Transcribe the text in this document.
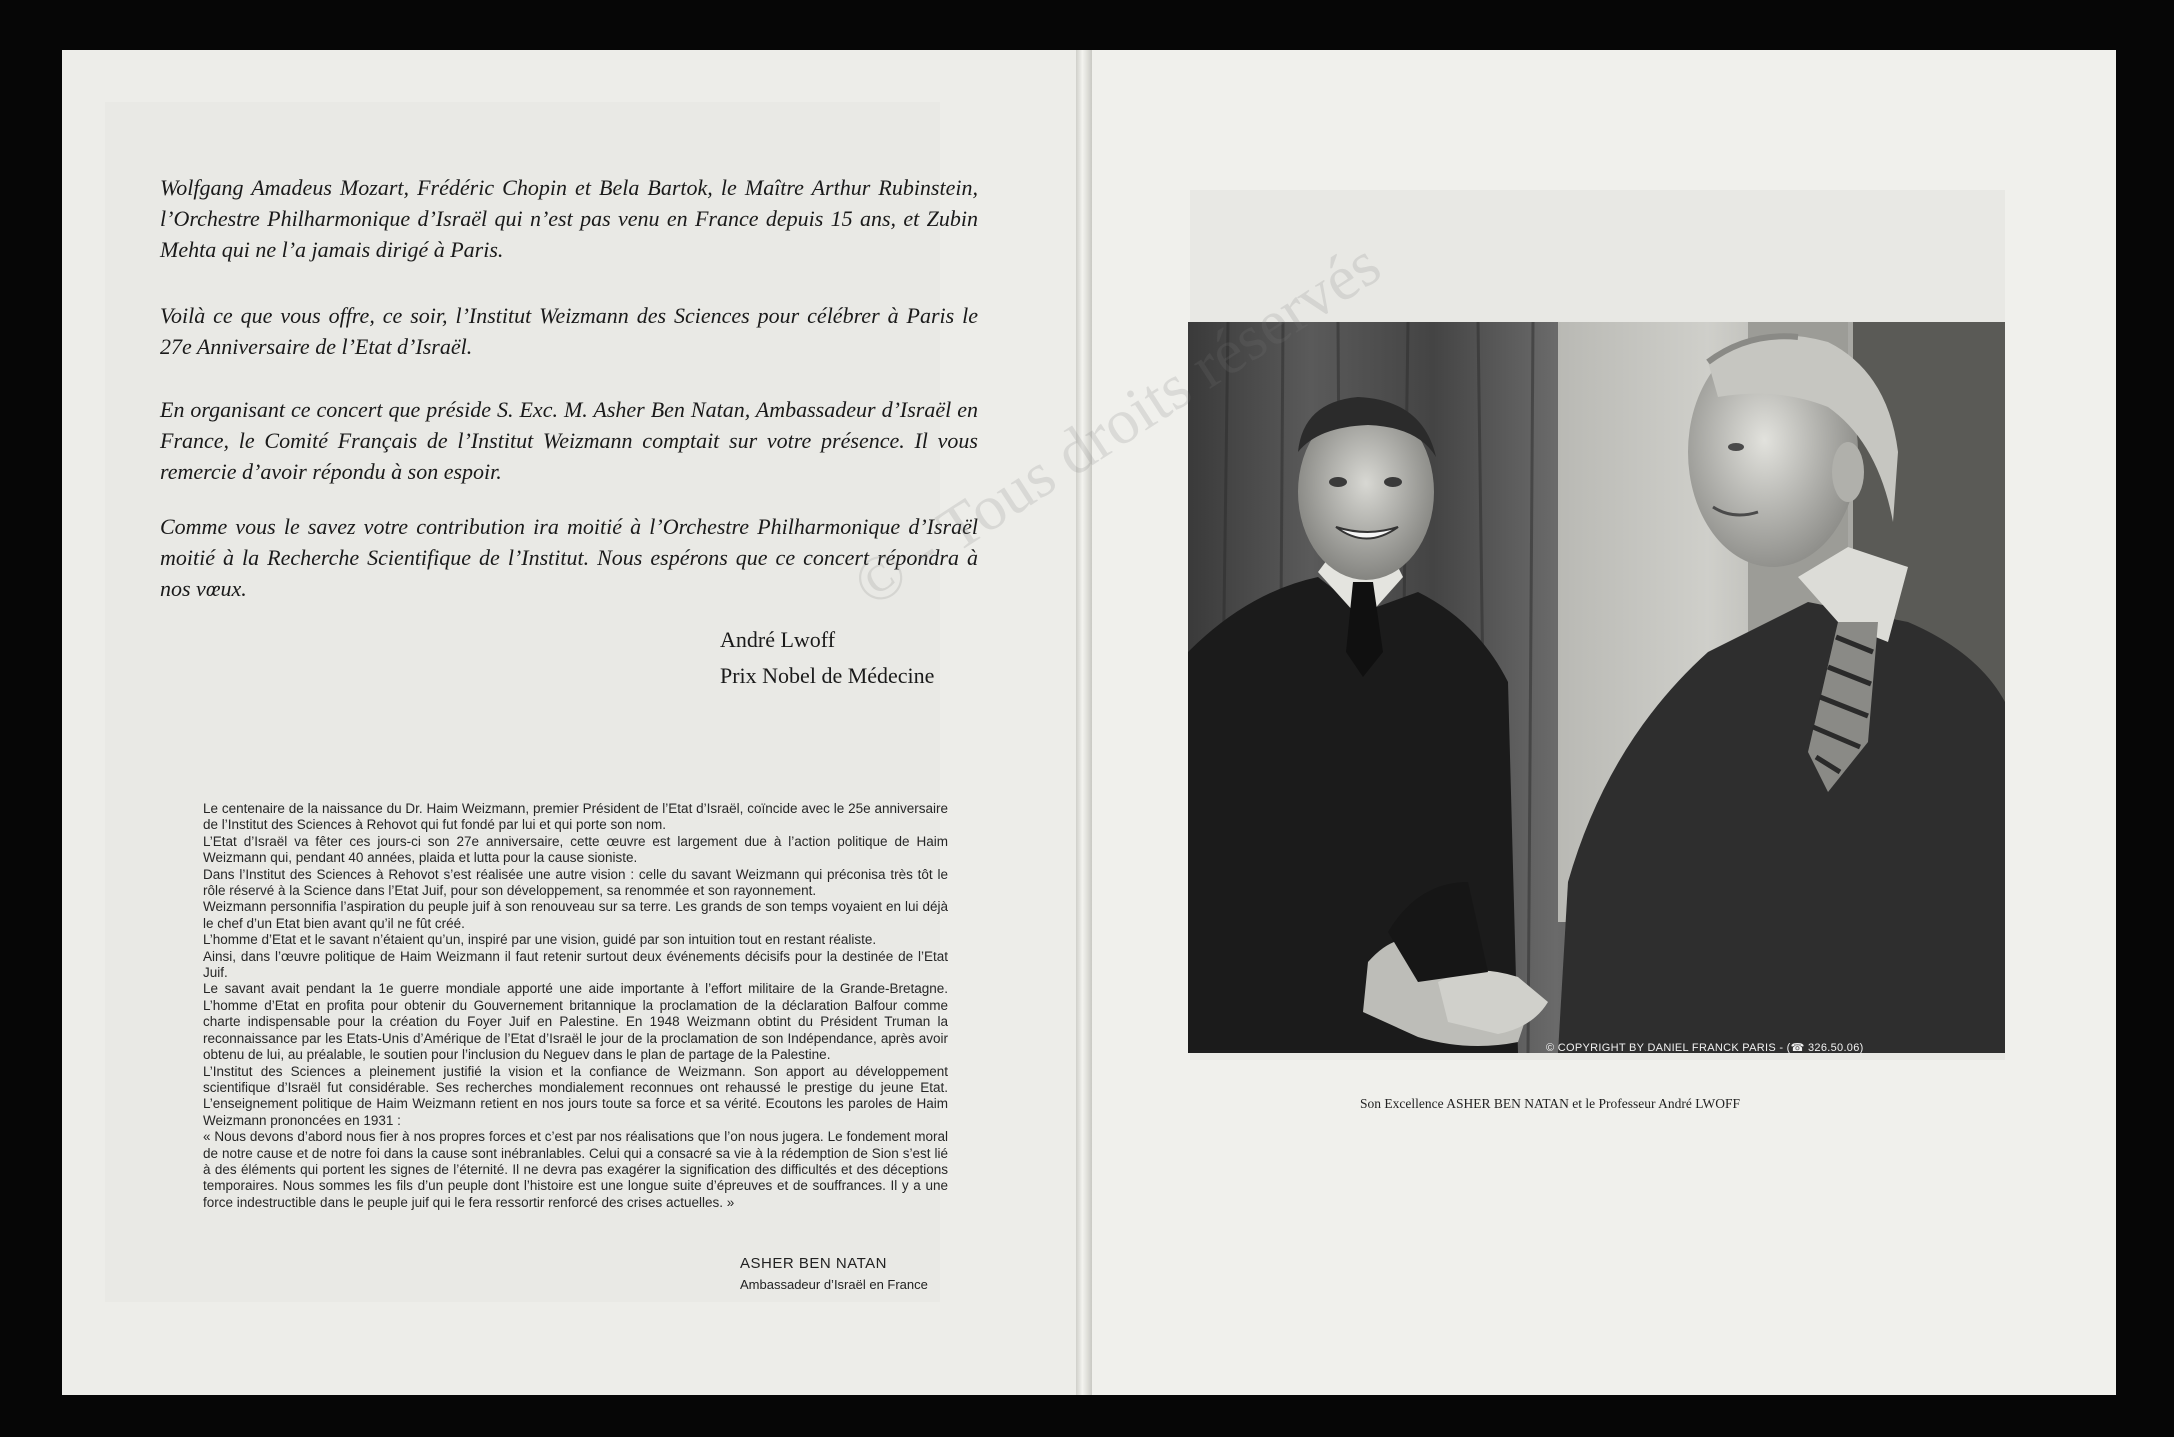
Wolfgang Amadeus Mozart, Frédéric Chopin et Bela Bartok, le Maître Arthur Rubinstein, l’Orchestre Philharmonique d’Israël qui n’est pas venu en France depuis 15 ans, et Zubin Mehta qui ne l’a jamais dirigé à Paris.

Voilà ce que vous offre, ce soir, l’Institut Weizmann des Sciences pour célébrer à Paris le 27e Anniversaire de l’Etat d’Israël.

En organisant ce concert que préside S. Exc. M. Asher Ben Natan, Ambassadeur d’Israël en France, le Comité Français de l’Institut Weizmann comptait sur votre présence. Il vous remercie d’avoir répondu à son espoir.

Comme vous le savez votre contribution ira moitié à l’Orchestre Philharmonique d’Israël moitié à la Recherche Scientifique de l’Institut. Nous espérons que ce concert répondra à nos vœux.

André Lwoff
Prix Nobel de Médecine

Le centenaire de la naissance du Dr. Haim Weizmann, premier Président de l’Etat d’Israël, coïncide avec le 25e anniversaire de l’Institut des Sciences à Rehovot qui fut fondé par lui et qui porte son nom.

L’Etat d’Israël va fêter ces jours-ci son 27e anniversaire, cette œuvre est largement due à l’action politique de Haim Weizmann qui, pendant 40 années, plaida et lutta pour la cause sioniste.

Dans l’Institut des Sciences à Rehovot s’est réalisée une autre vision : celle du savant Weizmann qui préconisa très tôt le rôle réservé à la Science dans l’Etat Juif, pour son développement, sa renommée et son rayonnement.

Weizmann personnifia l’aspiration du peuple juif à son renouveau sur sa terre. Les grands de son temps voyaient en lui déjà le chef d’un Etat bien avant qu’il ne fût créé.

L’homme d’Etat et le savant n’étaient qu’un, inspiré par une vision, guidé par son intuition tout en restant réaliste.

Ainsi, dans l’œuvre politique de Haim Weizmann il faut retenir surtout deux événements décisifs pour la destinée de l’Etat Juif.

Le savant avait pendant la 1e guerre mondiale apporté une aide importante à l’effort militaire de la Grande-Bretagne. L’homme d’Etat en profita pour obtenir du Gouvernement britannique la proclamation de la déclaration Balfour comme charte indispensable pour la création du Foyer Juif en Palestine. En 1948 Weizmann obtint du Président Truman la reconnaissance par les Etats-Unis d’Amérique de l’Etat d’Israël le jour de la proclamation de son Indépendance, après avoir obtenu de lui, au préalable, le soutien pour l’inclusion du Neguev dans le plan de partage de la Palestine.

L’Institut des Sciences a pleinement justifié la vision et la confiance de Weizmann. Son apport au développement scientifique d’Israël fut considérable. Ses recherches mondialement reconnues ont rehaussé le prestige du jeune Etat. L’enseignement politique de Haim Weizmann retient en nos jours toute sa force et sa vérité. Ecoutons les paroles de Haim Weizmann prononcées en 1931 :

« Nous devons d’abord nous fier à nos propres forces et c’est par nos réalisations que l’on nous jugera. Le fondement moral de notre cause et de notre foi dans la cause sont inébranlables. Celui qui a consacré sa vie à la rédemption de Sion s’est lié à des éléments qui portent les signes de l’éternité. Il ne devra pas exagérer la signification des difficultés et des déceptions temporaires. Nous sommes les fils d’un peuple dont l’histoire est une longue suite d’épreuves et de souffrances. Il y a une force indestructible dans le peuple juif qui le fera ressortir renforcé des crises actuelles. »

ASHER BEN NATAN
Ambassadeur d’Israël en France
© COPYRIGHT BY DANIEL FRANCK PARIS - (☎ 326.50.06)
Son Excellence ASHER BEN NATAN et le Professeur André LWOFF
